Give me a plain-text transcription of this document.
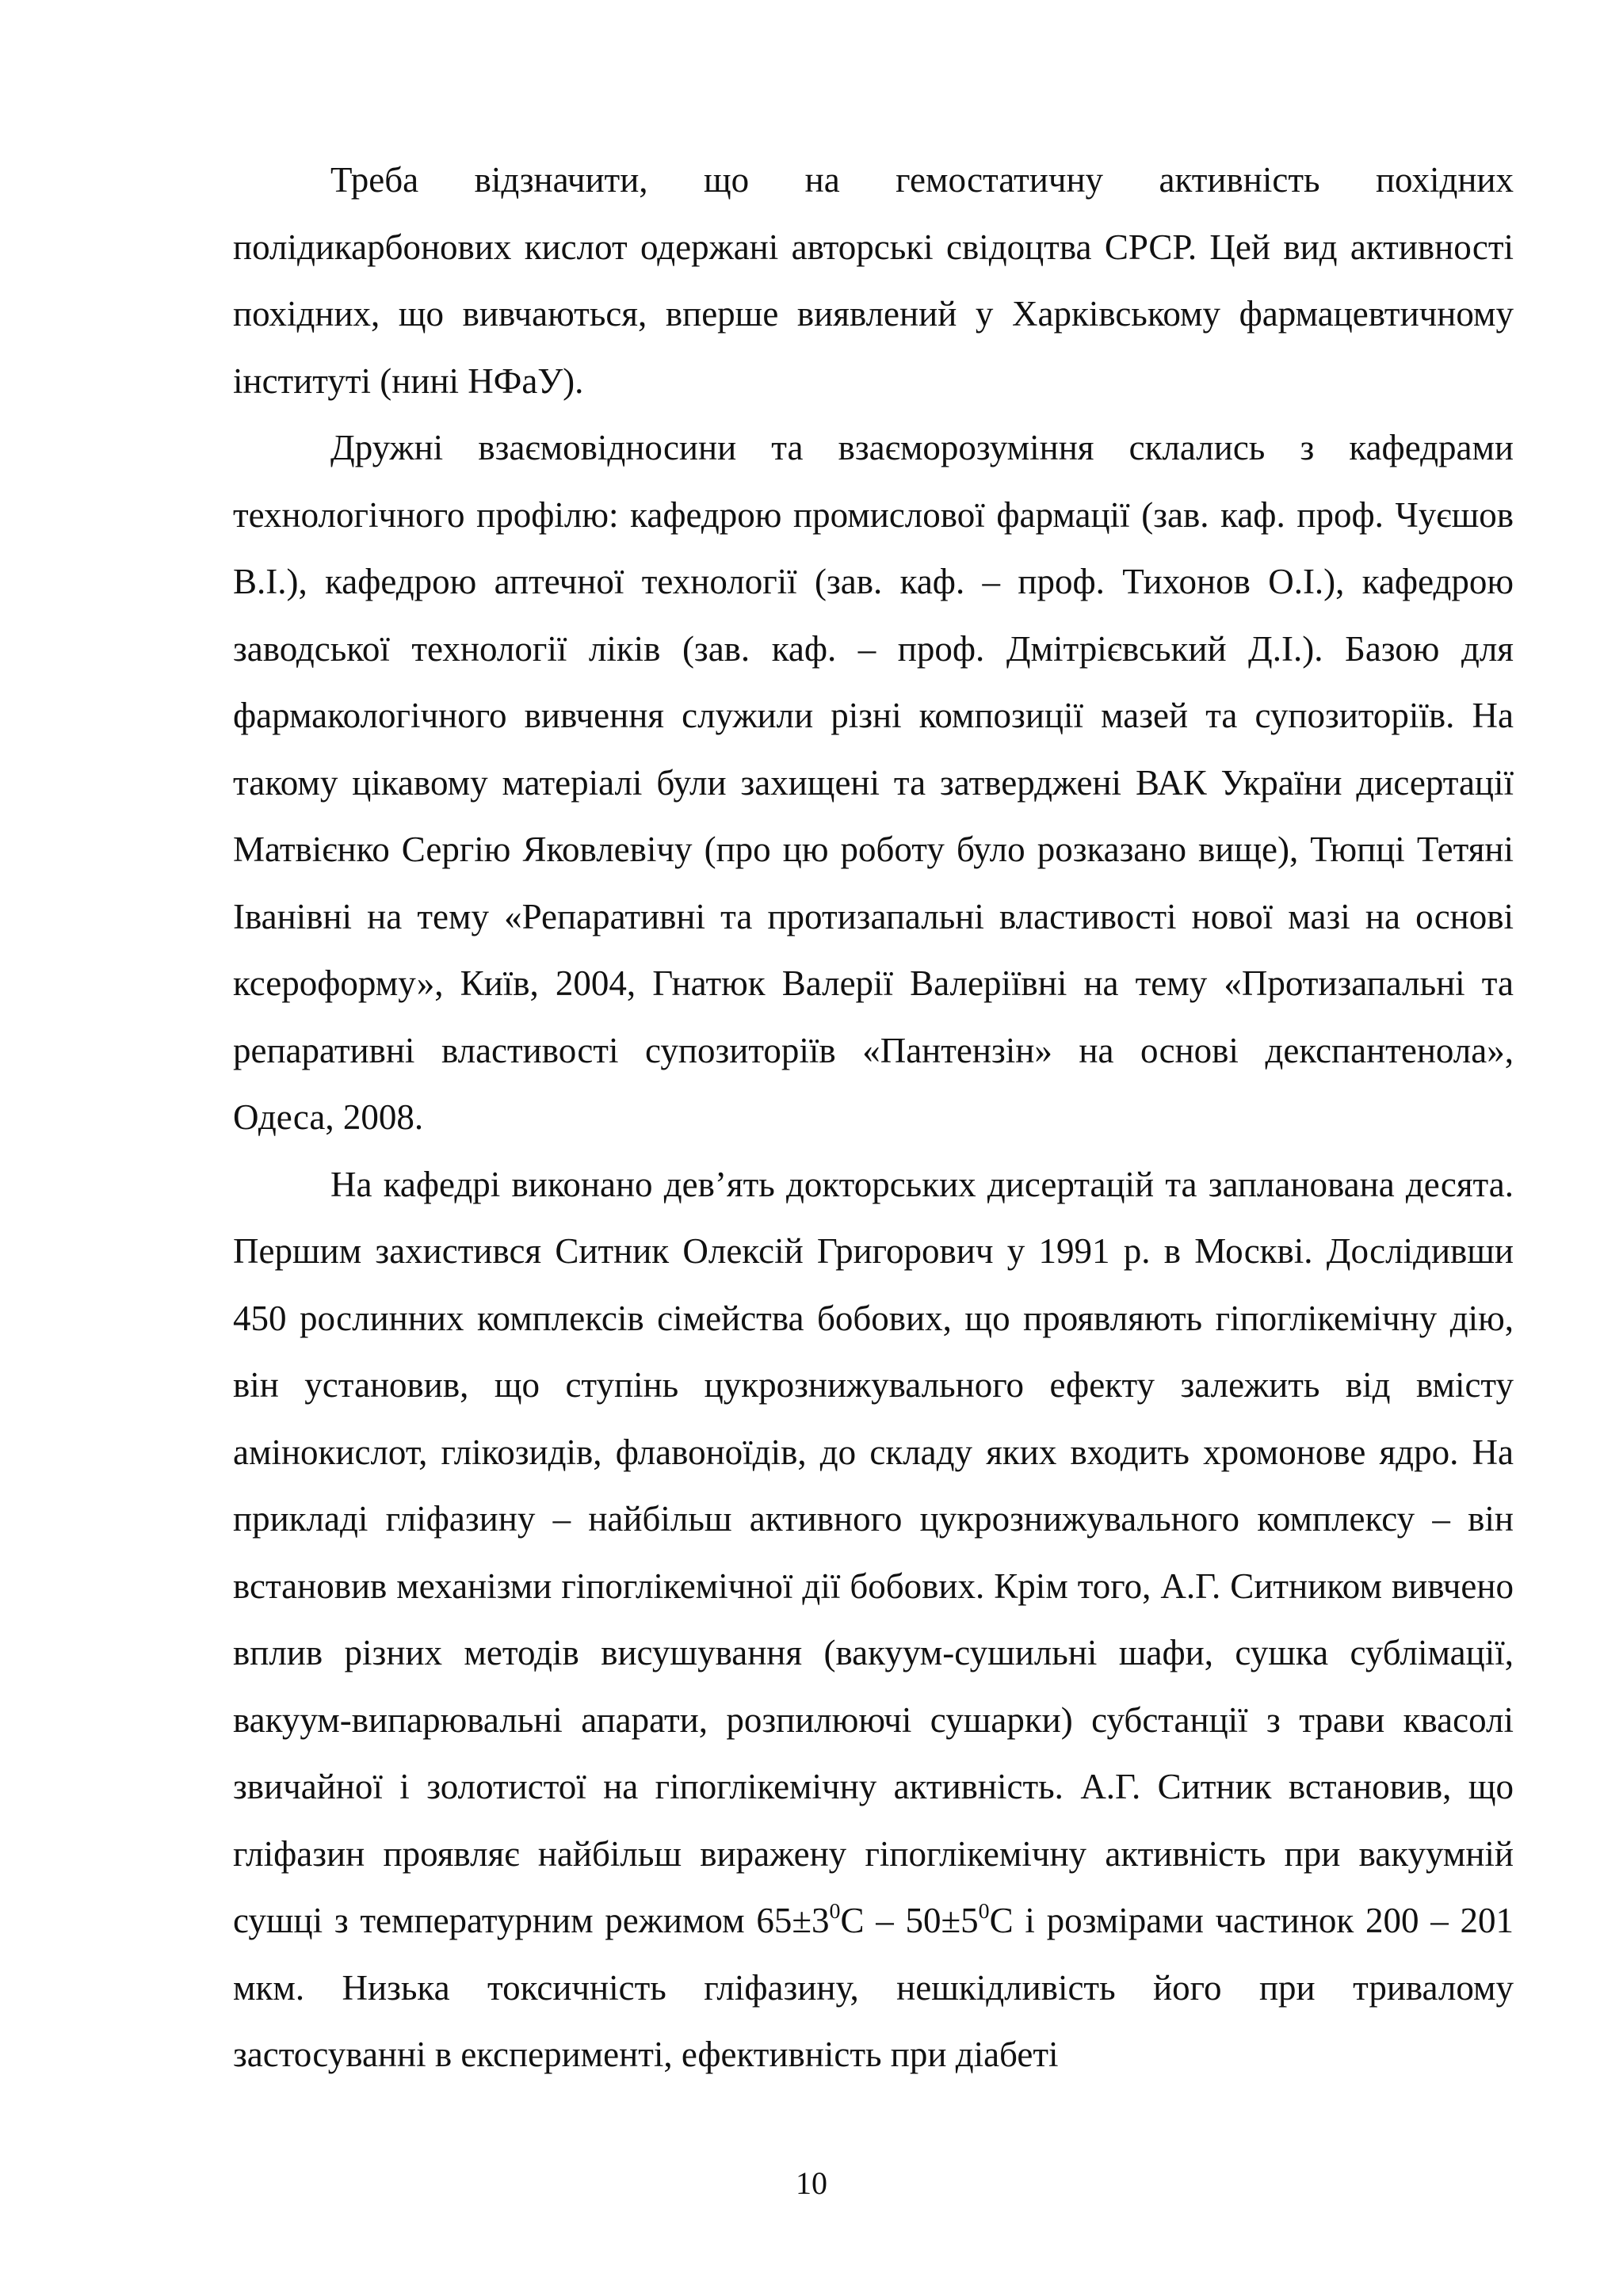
Треба відзначити, що на гемостатичну активність похідних полідикарбонових кислот одержані авторські свідоцтва СРСР. Цей вид активності похідних, що вивчаються, вперше виявлений у Харківському фармацевтичному інституті (нині НФаУ).

Дружні взаємовідносини та взаєморозуміння склались з кафедрами технологічного профілю: кафедрою промислової фармації (зав. каф. проф. Чуєшов В.І.), кафедрою аптечної технології (зав. каф. – проф. Тихонов О.І.), кафедрою заводської технології ліків (зав. каф. – проф. Дмітрієвський Д.І.). Базою для фармакологічного вивчення служили різні композиції мазей та супозиторіїв. На такому цікавому матеріалі були захищені та затверджені ВАК України дисертації Матвієнко Сергію Яковлевічу (про цю роботу було розказано вище), Тюпці Тетяні Іванівні на тему «Репаративні та протизапальні властивості нової мазі на основі ксероформу», Київ, 2004, Гнатюк Валерії Валеріївні на тему «Протизапальні та репаративні властивості супозиторіїв «Пантензін» на основі декспантенола», Одеса, 2008.

На кафедрі виконано дев’ять докторських дисертацій та запланована десята. Першим захистився Ситник Олексій Григорович у 1991 р. в Москві. Дослідивши 450 рослинних комплексів сімейства бобових, що проявляють гіпоглікемічну дію, він установив, що ступінь цукрознижувального ефекту залежить від вмісту амінокислот, глікозидів, флавоноїдів, до складу яких входить хромонове ядро. На прикладі гліфазину – найбільш активного цукрознижувального комплексу – він встановив механізми гіпоглікемічної дії бобових. Крім того, А.Г. Ситником вивчено вплив різних методів висушування (вакуум-сушильні шафи, сушка сублімації, вакуум-випарювальні апарати, розпилюючі сушарки) субстанції з трави квасолі звичайної і золотистої на гіпоглікемічну активність. А.Г. Ситник встановив, що гліфазин проявляє найбільш виражену гіпоглікемічну активність при вакуумній сушці з температурним режимом $65\pm 3^0C - 50\pm 5^0C$ і розмірами частинок 200 – 201 мкм. Низька токсичність гліфазину, нешкідливість його при тривалому застосуванні в експерименті, ефективність при діабеті

10
